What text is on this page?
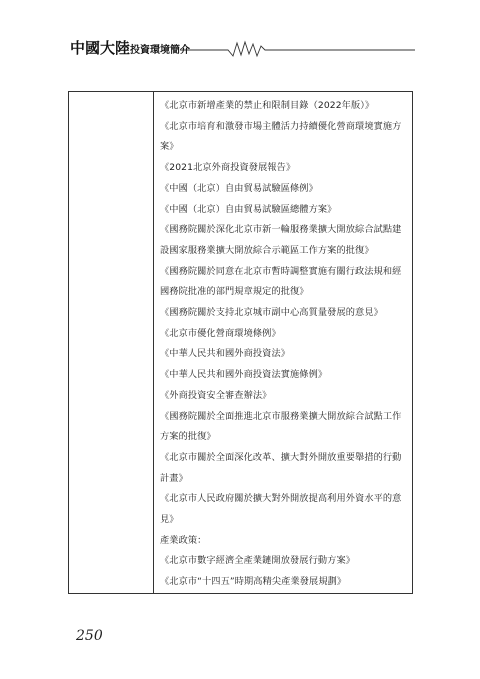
中國大陸投資環境簡介
《北京市新增產業的禁止和限制目錄（2022年版）》
《北京市培育和激發市場主體活力持續優化營商環境實施方案》
《2021北京外商投資發展報告》
《中國（北京）自由貿易試驗區條例》
《中國（北京）自由貿易試驗區總體方案》
《國務院關於深化北京市新一輪服務業擴大開放綜合試點建設國家服務業擴大開放綜合示範區工作方案的批復》
《國務院關於同意在北京市暫時調整實施有關行政法規和經國務院批准的部門規章規定的批復》
《國務院關於支持北京城市副中心高質量發展的意見》
《北京市優化營商環境條例》
《中華人民共和國外商投資法》
《中華人民共和國外商投資法實施條例》
《外商投資安全審查辦法》
《國務院關於全面推進北京市服務業擴大開放綜合試點工作方案的批復》
《北京市關於全面深化改革、擴大對外開放重要舉措的行動計畫》
《北京市人民政府關於擴大對外開放提高利用外資水平的意見》
產業政策：
《北京市數字經濟全產業鏈開放發展行動方案》
《北京市“十四五”時期高精尖產業發展規劃》
250
